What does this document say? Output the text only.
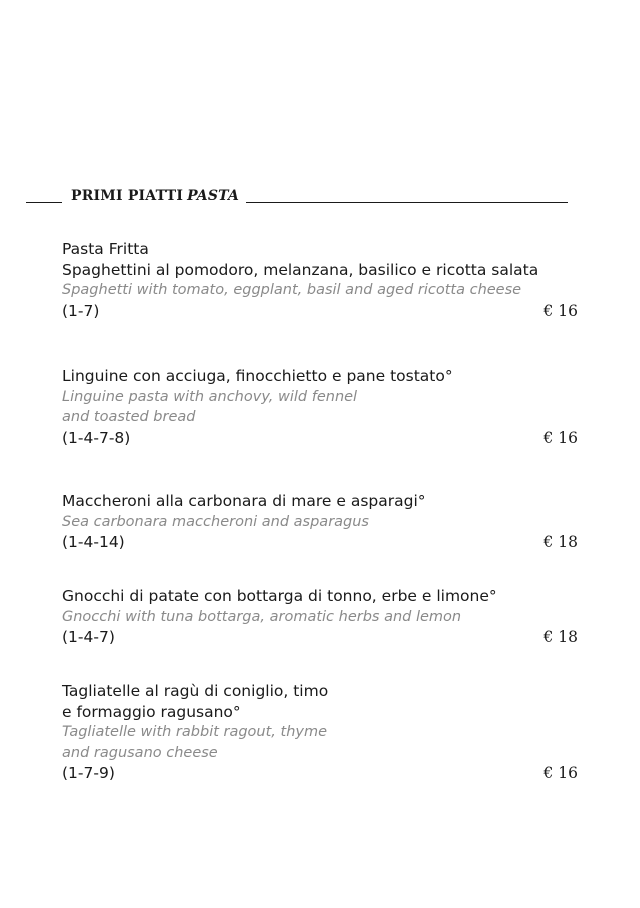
PRIMI PIATTI PASTA
Pasta Fritta
Spaghettini al pomodoro, melanzana, basilico e ricotta salata
Spaghetti with tomato, eggplant, basil and aged ricotta cheese
(1-7)	€ 16
Linguine con acciuga, finocchietto e pane tostato°
Linguine pasta with anchovy, wild fennel
and toasted bread
(1-4-7-8)	€ 16
Maccheroni alla carbonara di mare e asparagi°
Sea carbonara maccheroni and asparagus
(1-4-14)	€ 18
Gnocchi di patate con bottarga di tonno, erbe e limone°
Gnocchi with tuna bottarga, aromatic herbs and lemon
(1-4-7)	€ 18
Tagliatelle al ragù di coniglio, timo
e formaggio ragusano°
Tagliatelle with rabbit ragout, thyme
and ragusano cheese
(1-7-9)	€ 16
